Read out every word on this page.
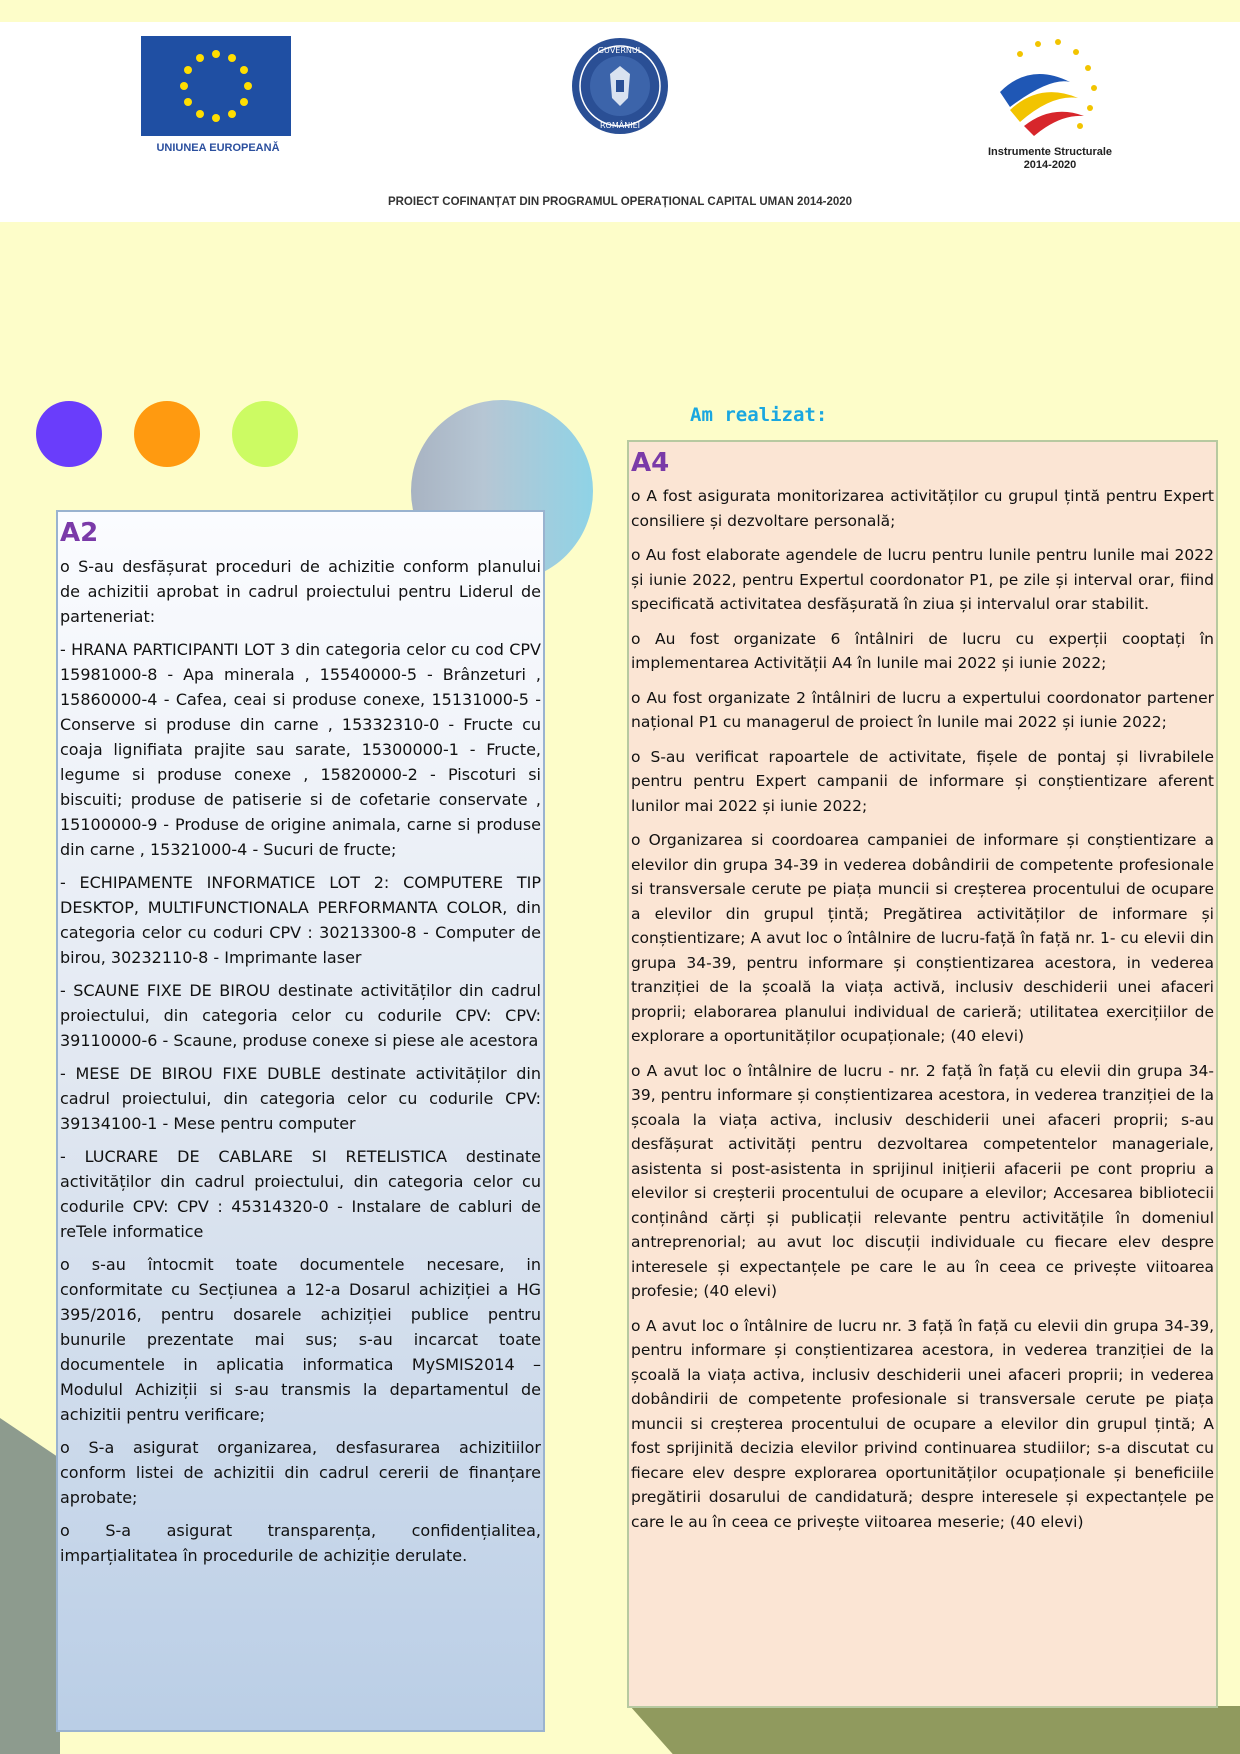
UNIUNEA EUROPEANĂ
GUVERNUL
ROMÂNIEI
Instrumente Structurale
2014-2020
PROIECT COFINANȚAT DIN PROGRAMUL OPERAȚIONAL CAPITAL UMAN 2014-2020
Am realizat:
A2

o S-au desfășurat proceduri de achizitie conform planului de achizitii aprobat in cadrul proiectului pentru Liderul de parteneriat:

- HRANA PARTICIPANTI LOT 3 din categoria celor cu cod CPV 15981000-8 - Apa minerala , 15540000-5 - Brânzeturi , 15860000-4 - Cafea, ceai si produse conexe, 15131000-5 - Conserve si produse din carne , 15332310-0 - Fructe cu coaja lignifiata prajite sau sarate, 15300000-1 - Fructe, legume si produse conexe , 15820000-2 - Piscoturi si biscuiti; produse de patiserie si de cofetarie conservate , 15100000-9 - Produse de origine animala, carne si produse din carne , 15321000-4 - Sucuri de fructe;

- ECHIPAMENTE INFORMATICE LOT 2: COMPUTERE TIP DESKTOP, MULTIFUNCTIONALA PERFORMANTA COLOR, din categoria celor cu coduri CPV : 30213300-8 - Computer de birou, 30232110-8 - Imprimante laser

- SCAUNE FIXE DE BIROU destinate activităților din cadrul proiectului, din categoria celor cu codurile CPV: CPV: 39110000-6 - Scaune, produse conexe si piese ale acestora

- MESE DE BIROU FIXE DUBLE destinate activităților din cadrul proiectului, din categoria celor cu codurile CPV: 39134100-1 - Mese pentru computer

- LUCRARE DE CABLARE SI RETELISTICA destinate activităților din cadrul proiectului, din categoria celor cu codurile CPV: CPV : 45314320-0 - Instalare de cabluri de reTele informatice

o s-au întocmit toate documentele necesare, in conformitate cu Secțiunea a 12-a Dosarul achiziției a HG 395/2016, pentru dosarele achiziției publice pentru bunurile prezentate mai sus; s-au incarcat toate documentele in aplicatia informatica MySMIS2014 – Modulul Achiziții si s-au transmis la departamentul de achizitii pentru verificare;

o S-a asigurat organizarea, desfasurarea achizitiilor conform listei de achizitii din cadrul cererii de finanțare aprobate;

o S-a asigurat transparența, confidențialitea, imparțialitatea în procedurile de achiziție derulate.

A4

o A fost asigurata monitorizarea activităților cu grupul țintă pentru Expert consiliere și dezvoltare personală;

o Au fost elaborate agendele de lucru pentru lunile pentru lunile mai 2022 și iunie 2022, pentru Expertul coordonator P1, pe zile și interval orar, fiind specificată activitatea desfășurată în ziua și intervalul orar stabilit.

o Au fost organizate 6 întâlniri de lucru cu experții cooptați în implementarea Activității A4 în lunile mai 2022 și iunie 2022;

o Au fost organizate 2 întâlniri de lucru a expertului coordonator partener național P1 cu managerul de proiect în lunile mai 2022 și iunie 2022;

o S-au verificat rapoartele de activitate, fișele de pontaj și livrabilele pentru pentru Expert campanii de informare și conștientizare aferent lunilor mai 2022 și iunie 2022;

o Organizarea si coordoarea campaniei de informare și conștientizare a elevilor din grupa 34-39 in vederea dobândirii de competente profesionale si transversale cerute pe piața muncii si creșterea procentului de ocupare a elevilor din grupul țintă; Pregătirea activităților de informare și conștientizare; A avut loc o întâlnire de lucru-față în față nr. 1- cu elevii din grupa 34-39, pentru informare și conștientizarea acestora, in vederea tranziției de la școală la viața activă, inclusiv deschiderii unei afaceri proprii; elaborarea planului individual de carieră; utilitatea exercițiilor de explorare a oportunităților ocupaționale; (40 elevi)

o A avut loc o întâlnire de lucru - nr. 2 față în față cu elevii din grupa 34-39, pentru informare și conștientizarea acestora, in vederea tranziției de la școala la viața activa, inclusiv deschiderii unei afaceri proprii; s-au desfășurat activități pentru dezvoltarea competentelor manageriale, asistenta si post-asistenta in sprijinul inițierii afacerii pe cont propriu a elevilor si creșterii procentului de ocupare a elevilor; Accesarea bibliotecii conținând cărți și publicații relevante pentru activitățile în domeniul antreprenorial; au avut loc discuții individuale cu fiecare elev despre interesele și expectanțele pe care le au în ceea ce privește viitoarea profesie; (40 elevi)

o A avut loc o întâlnire de lucru nr. 3 față în față cu elevii din grupa 34-39, pentru informare și conștientizarea acestora, in vederea tranziției de la școală la viața activa, inclusiv deschiderii unei afaceri proprii; in vederea dobândirii de competente profesionale si transversale cerute pe piața muncii si creșterea procentului de ocupare a elevilor din grupul țintă; A fost sprijinită decizia elevilor privind continuarea studiilor; s-a discutat cu fiecare elev despre explorarea oportunităților ocupaționale și beneficiile pregătirii dosarului de candidatură; despre interesele și expectanțele pe care le au în ceea ce privește viitoarea meserie; (40 elevi)
